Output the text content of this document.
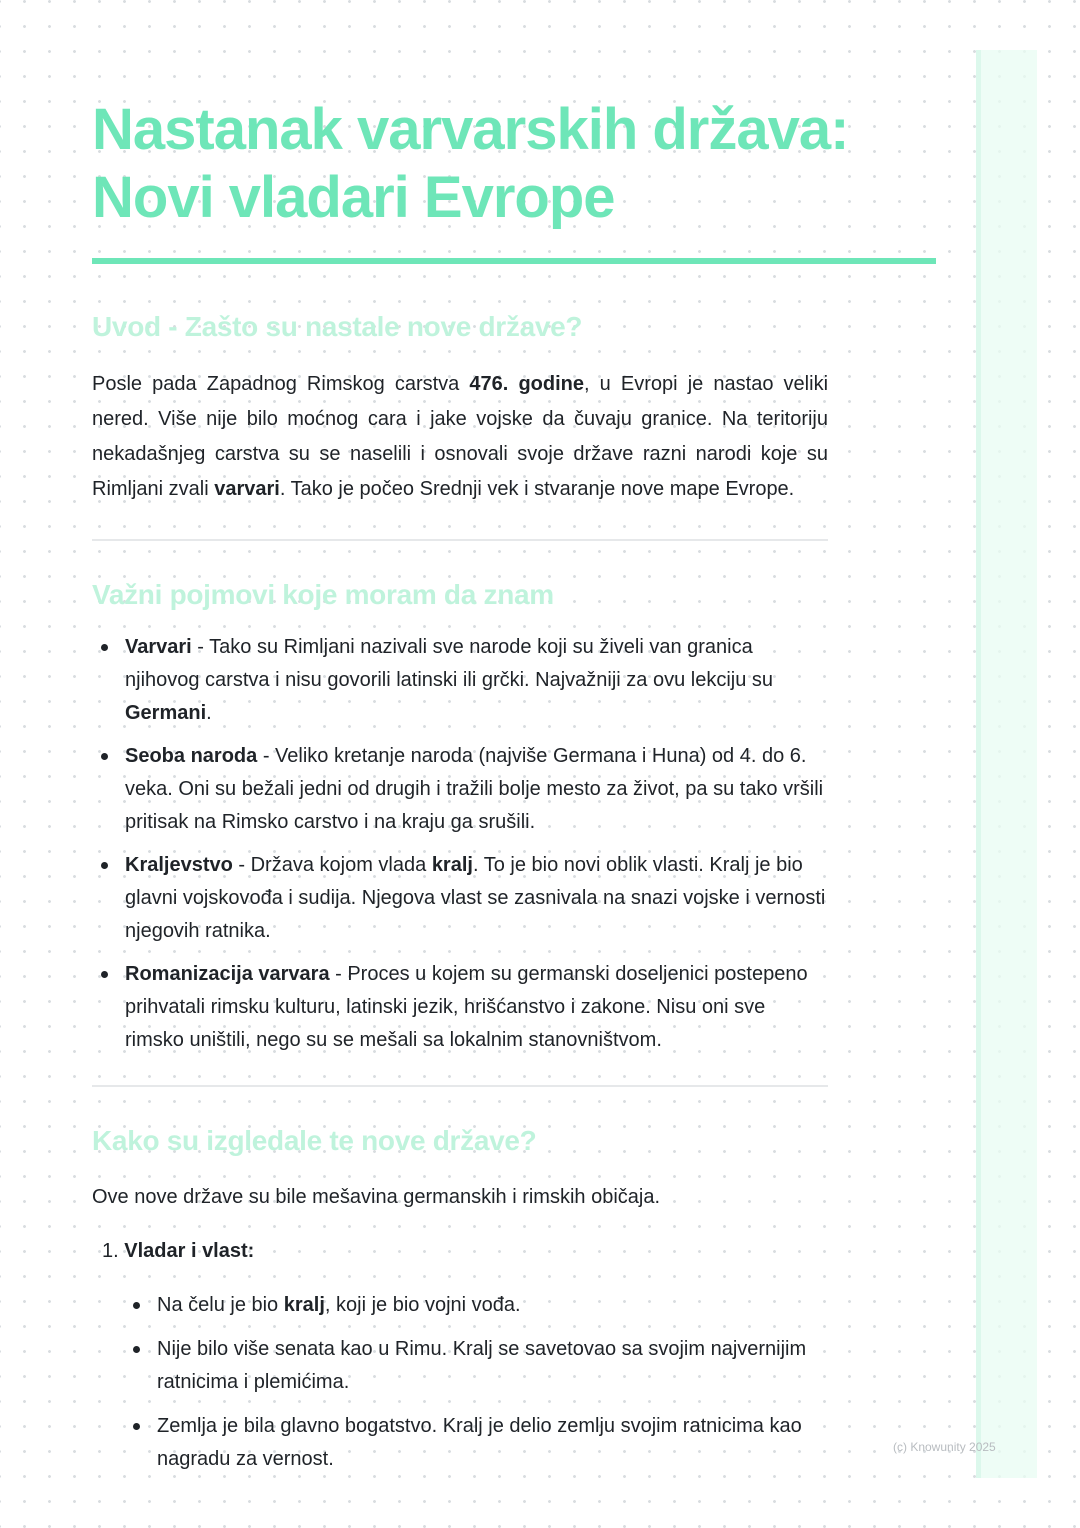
Nastanak varvarskih država:
Novi vladari Evrope
Uvod - Zašto su nastale nove države?

Posle pada Zapadnog Rimskog carstva 476. godine, u Evropi je nastao veliki nered. Više nije bilo moćnog cara i jake vojske da čuvaju granice. Na teritoriju nekadašnjeg carstva su se naselili i osnovali svoje države razni narodi koje su Rimljani zvali varvari. Tako je počeo Srednji vek i stvaranje nove mape Evrope.

Važni pojmovi koje moram da znam
Varvari - Tako su Rimljani nazivali sve narode koji su živeli van granica njihovog carstva i nisu govorili latinski ili grčki. Najvažniji za ovu lekciju su Germani.
Seoba naroda - Veliko kretanje naroda (najviše Germana i Huna) od 4. do 6. veka. Oni su bežali jedni od drugih i tražili bolje mesto za život, pa su tako vršili pritisak na Rimsko carstvo i na kraju ga srušili.
Kraljevstvo - Država kojom vlada kralj. To je bio novi oblik vlasti. Kralj je bio glavni vojskovođa i sudija. Njegova vlast se zasnivala na snazi vojske i vernosti njegovih ratnika.
Romanizacija varvara - Proces u kojem su germanski doseljenici postepeno prihvatali rimsku kulturu, latinski jezik, hrišćanstvo i zakone. Nisu oni sve rimsko uništili, nego su se mešali sa lokalnim stanovništvom.
Kako su izgledale te nove države?

Ove nove države su bile mešavina germanskih i rimskih običaja.

1. Vladar i vlast:
Na čelu je bio kralj, koji je bio vojni vođa.
Nije bilo više senata kao u Rimu. Kralj se savetovao sa svojim najvernijim ratnicima i plemićima.
Zemlja je bila glavno bogatstvo. Kralj je delio zemlju svojim ratnicima kao nagradu za vernost.
(c) Knowunity 2025
